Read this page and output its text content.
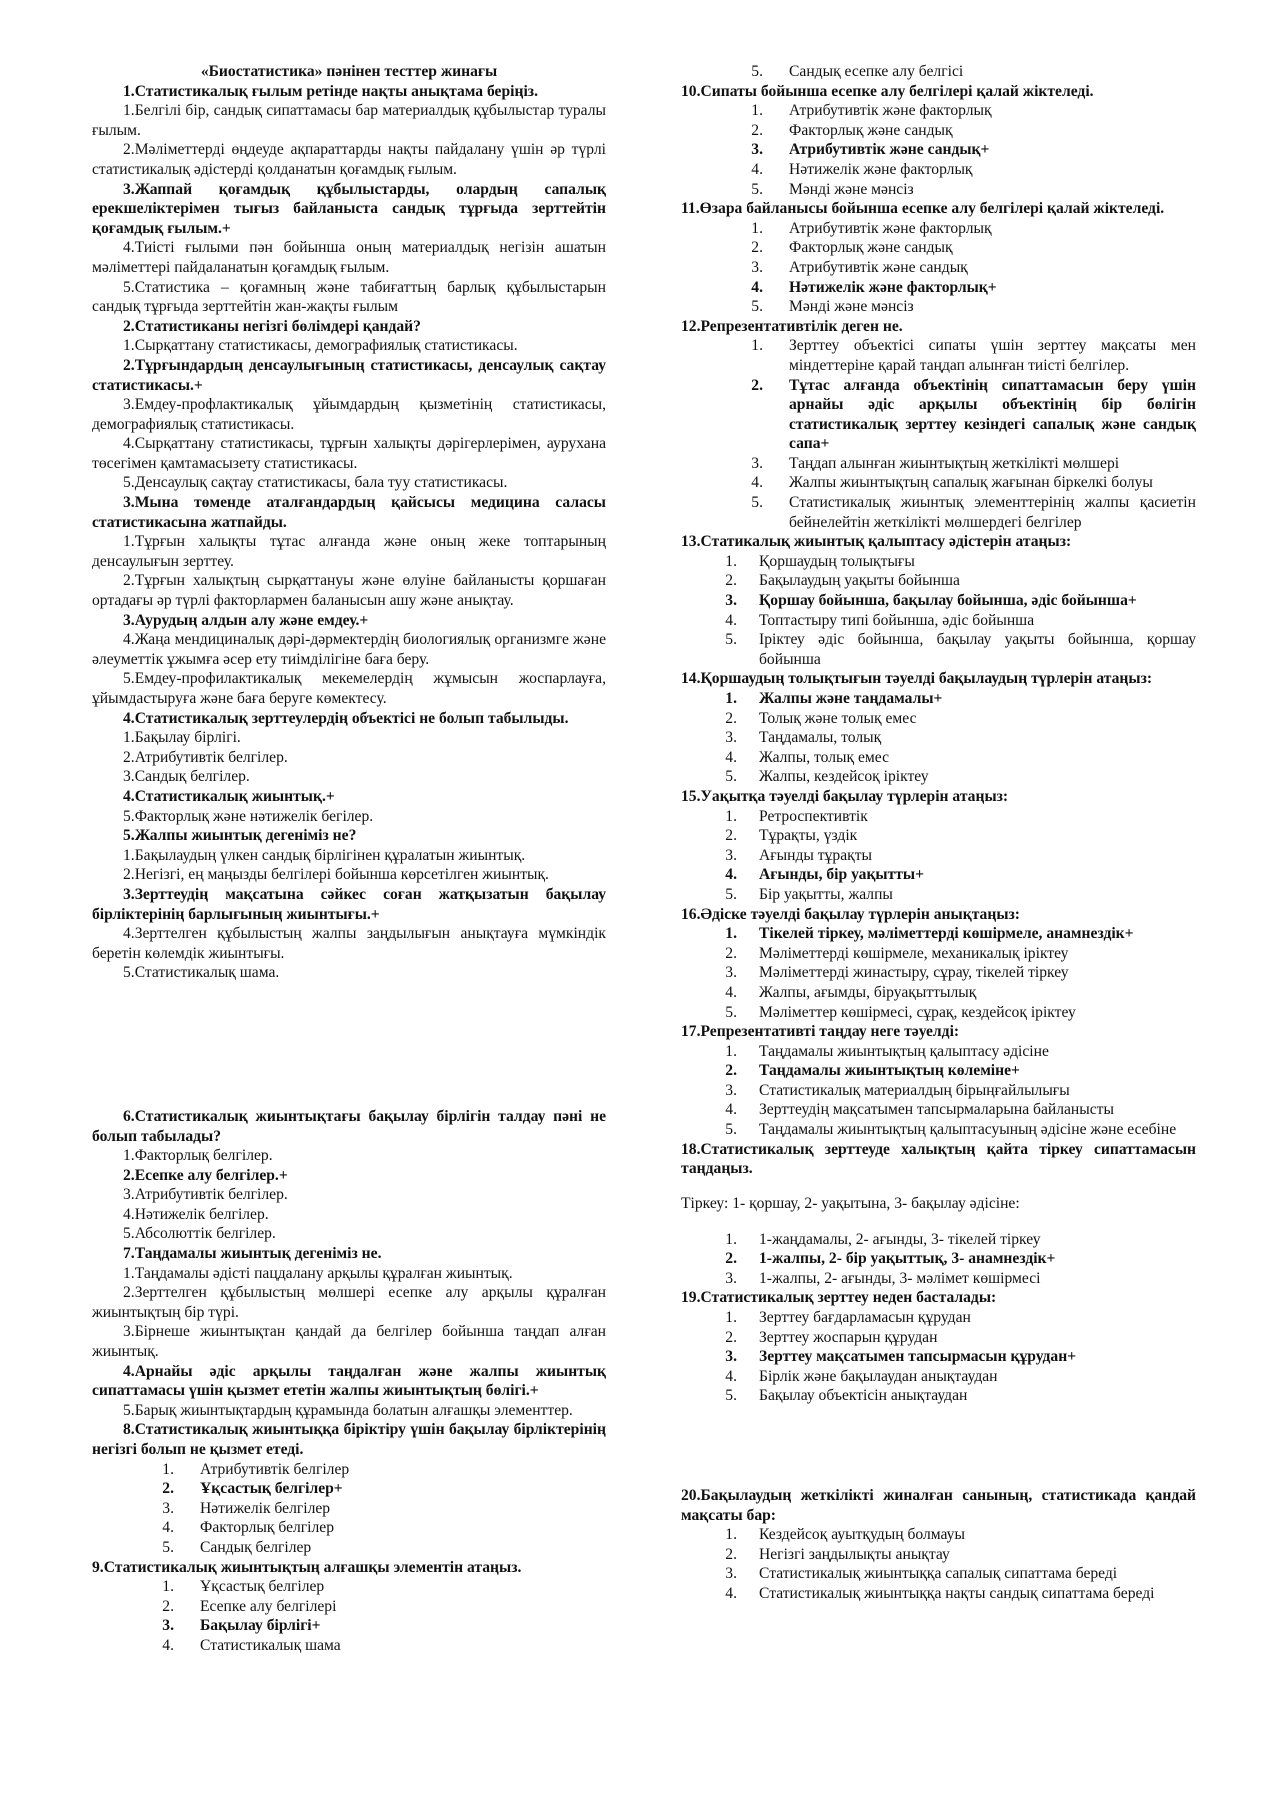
«Биостатистика» пәнінен тесттер жинағы

1.Статистикалық ғылым ретінде нақты анықтама беріңіз.

1.Белгілі бір, сандық сипаттамасы бар материалдық құбылыстар туралы ғылым.

2.Мәліметтерді өңдеуде ақпараттарды нақты пайдалану үшін әр түрлі статистикалық әдістерді қолданатын қоғамдық ғылым.

3.Жаппай қоғамдық құбылыстарды, олардың сапалық ерекшеліктерімен тығыз байланыста сандық тұрғыда зерттейтін қоғамдық ғылым.+

4.Тиісті ғылыми пән бойынша оның материалдық негізін ашатын мәліметтері пайдаланатын қоғамдық ғылым.

5.Статистика – қоғамның және табиғаттың барлық құбылыстарын сандық тұрғыда зерттейтін жан-жақты ғылым

2.Статистиканы негізгі бөлімдері қандай?

1.Сырқаттану статистикасы, демографиялық статистикасы.

2.Тұрғындардың денсаулығының статистикасы, денсаулық сақтау статистикасы.+

3.Емдеу-профлактикалық ұйымдардың қызметінің статистикасы, демографиялық статистикасы.

4.Сырқаттану статистикасы, тұрғын халықты дәрігерлерімен, аурухана төсегімен қамтамасызету статистикасы.

5.Денсаулық сақтау статистикасы, бала туу статистикасы.

3.Мына төменде аталғандардың қайсысы медицина саласы статистикасына жатпайды.

1.Тұрғын халықты тұтас алғанда және оның жеке топтарының денсаулығын зерттеу.

2.Тұрғын халықтың сырқаттануы және өлуіне байланысты қоршаған ортадағы әр түрлі факторлармен баланысын ашу және анықтау.

3.Аурудың алдын алу және емдеу.+

4.Жаңа мендициналық дәрі-дәрмектердің биологиялық организмге және әлеуметтік ұжымға әсер ету тиімділігіне баға беру.

5.Емдеу-профилактикалық мекемелердің жұмысын жоспарлауға, ұйымдастыруға және баға беруге көмектесу.

4.Статистикалық зерттеулердің объектісі не болып табылыды.

1.Бақылау бірлігі.

2.Атрибутивтік белгілер.

3.Сандық белгілер.

4.Статистикалық жиынтық.+

5.Факторлық және нәтижелік бегілер.

5.Жалпы жиынтық дегеніміз не?

1.Бақылаудың үлкен сандық бірлігінен құралатын жиынтық.

2.Негізгі, ең маңызды белгілері бойынша көрсетілген жиынтық.

3.Зерттеудің мақсатына сәйкес соған жатқызатын бақылау бірліктерінің барлығының жиынтығы.+

4.Зерттелген құбылыстың жалпы заңдылығын анықтауға мүмкіндік беретін көлемдік жиынтығы.

5.Статистикалық шама.

6.Статистикалық жиынтықтағы бақылау бірлігін талдау пәні не болып табылады?

1.Факторлық белгілер.

2.Есепке алу белгілер.+

3.Атрибутивтік белгілер.

4.Нәтижелік белгілер.

5.Абсолюттік белгілер.

7.Таңдамалы жиынтық дегеніміз не.

1.Таңдамалы әдісті пацдалану арқылы құралған жиынтық.

2.Зерттелген құбылыстың мөлшері есепке алу арқылы құралған жиынтықтың бір түрі.

3.Бірнеше жиынтықтан қандай да белгілер бойынша таңдап алған жиынтық.

4.Арнайы әдіс арқылы таңдалған және жалпы жиынтық сипаттамасы үшін қызмет ететін жалпы жиынтықтың бөлігі.+

5.Барық жиынтықтардың құрамында болатын алғашқы элементтер.

8.Статистикалық жиынтыққа біріктіру үшін бақылау бірліктерінің негізгі болып не қызмет етеді.

1. Атрибутивтік белгілер
2. Ұқсастық белгілер+
3. Нәтижелік белгілер
4. Факторлық белгілер
5. Сандық белгілер

9.Статистикалық жиынтықтың алғашқы элементін атаңыз.

1. Ұқсастық белгілер
2. Есепке алу белгілері
3. Бақылау бірлігі+
4. Статистикалық шама
5. Сандық есепке алу белгісі

10.Сипаты бойынша есепке алу белгілері қалай жіктеледі.

1. Атрибутивтік және факторлық
2. Факторлық және сандық
3. Атрибутивтік және сандық+
4. Нәтижелік және факторлық
5. Мәнді және мәнсіз

11.Өзара байланысы бойынша есепке алу белгілері қалай жіктеледі.

1. Атрибутивтік және факторлық
2. Факторлық және сандық
3. Атрибутивтік және сандық
4. Нәтижелік және факторлық+
5. Мәнді және мәнсіз

12.Репрезентативтілік деген не.

1. Зерттеу объектісі сипаты үшін зерттеу мақсаты мен міндеттеріне қарай таңдап алынған тиісті белгілер.
2. Тұтас алғанда объектінің сипаттамасын беру үшін арнайы әдіс арқылы объектінің бір бөлігін статистикалық зерттеу кезіндегі сапалық және сандық сапа+
3. Таңдап алынған жиынтықтың жеткілікті мөлшері
4. Жалпы жиынтықтың сапалық жағынан біркелкі болуы
5. Статистикалық жиынтық элементтерінің жалпы қасиетін бейнелейтін жеткілікті мөлшердегі белгілер

13.Статикалық жиынтық қалыптасу әдістерін атаңыз:

1. Қоршаудың толықтығы
2. Бақылаудың уақыты бойынша
3. Қоршау бойынша, бақылау бойынша, әдіс бойынша+
4. Топтастыру типі бойынша, әдіс бойынша
5. Іріктеу әдіс бойынша, бақылау уақыты бойынша, қоршау бойынша

14.Қоршаудың толықтығын тәуелді бақылаудың түрлерін атаңыз:

1. Жалпы және таңдамалы+
2. Толық және толық емес
3. Таңдамалы, толық
4. Жалпы, толық емес
5. Жалпы, кездейсоқ іріктеу

15.Уақытқа тәуелді бақылау түрлерін атаңыз:

1. Ретроспективтік
2. Тұрақты, үздік
3. Ағынды тұрақты
4. Ағынды, бір уақытты+
5. Бір уақытты, жалпы

16.Әдіске тәуелді бақылау түрлерін анықтаңыз:

1. Тікелей тіркеу, мәліметтерді көшірмеле, анамнездік+
2. Мәліметтерді көшірмеле, механикалық іріктеу
3. Мәліметтерді жинастыру, сұрау, тікелей тіркеу
4. Жалпы, ағымды, біруақыттылық
5. Мәліметтер көшірмесі, сұрақ, кездейсоқ іріктеу

17.Репрезентативті таңдау неге тәуелді:

1. Таңдамалы жиынтықтың қалыптасу әдісіне
2. Таңдамалы жиынтықтың көлеміне+
3. Статистикалық материалдың бірыңғайлылығы
4. Зерттеудің мақсатымен тапсырмаларына байланысты
5. Таңдамалы жиынтықтың қалыптасуының әдісіне және есебіне

18.Статистикалық зерттеуде халықтың қайта тіркеу сипаттамасын таңдаңыз.

Тіркеу: 1- қоршау, 2- уақытына, 3- бақылау әдісіне:

1. 1-жаңдамалы, 2- ағынды, 3- тікелей тіркеу
2. 1-жалпы, 2- бір уақыттық, 3- анамнездік+
3. 1-жалпы, 2- ағынды, 3- мәлімет көшірмесі

19.Статистикалық зерттеу неден басталады:

1. Зерттеу бағдарламасын құрудан
2. Зерттеу жоспарын құрудан
3. Зерттеу мақсатымен тапсырмасын құрудан+
4. Бірлік және бақылаудан анықтаудан
5. Бақылау объектісін анықтаудан

20.Бақылаудың жеткілікті жиналған санының, статистикада қандай мақсаты бар:

1. Кездейсоқ ауытқудың болмауы
2. Негізгі заңдылықты анықтау
3. Статистикалық жиынтыққа сапалық сипаттама береді
4. Статистикалық жиынтыққа нақты сандық сипаттама береді
